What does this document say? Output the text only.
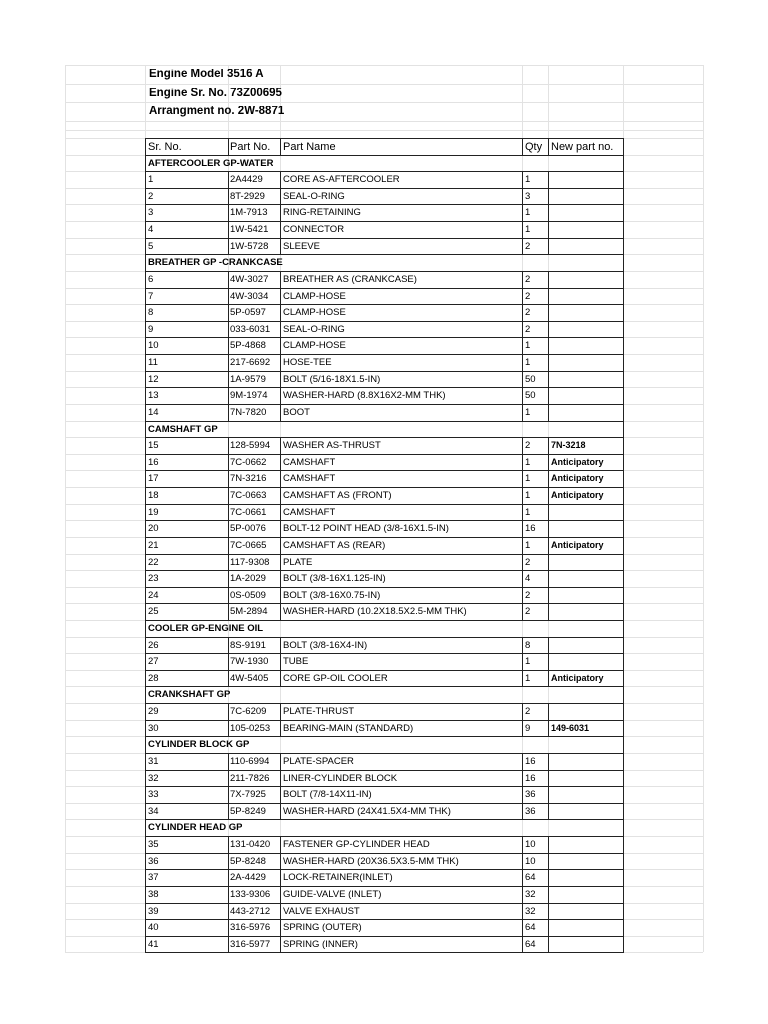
Engine Model 3516 A
Engine Sr. No. 73Z00695
Arrangment no. 2W-8871
Sr. No.	Part No. Part Name	Qty New part no.
AFTERCOOLER GP-WATER
1	2A4429 CORE AS-AFTERCOOLER	1
2	8T-2929 SEAL-O-RING	3
3	1M-7913 RING-RETAINING	1
4	1W-5421 CONNECTOR	1
5	1W-5728 SLEEVE	2
BREATHER GP -CRANKCASE
6	4W-3027 BREATHER AS (CRANKCASE)	2
7	4W-3034 CLAMP-HOSE	2
8	5P-0597 CLAMP-HOSE	2
9	033-6031 SEAL-O-RING	2
10	5P-4868 CLAMP-HOSE	1
11	217-6692 HOSE-TEE	1
12	1A-9579 BOLT (5/16-18X1.5-IN)	50
13	9M-1974 WASHER-HARD (8.8X16X2-MM THK)	50
14	7N-7820 BOOT	1
CAMSHAFT GP
15	128-5994 WASHER AS-THRUST	2 7N-3218
16	7C-0662 CAMSHAFT	1 Anticipatory
17	7N-3216 CAMSHAFT	1 Anticipatory
18	7C-0663 CAMSHAFT AS (FRONT)	1 Anticipatory
19	7C-0661 CAMSHAFT	1
20	5P-0076 BOLT-12 POINT HEAD (3/8-16X1.5-IN)	16
21	7C-0665 CAMSHAFT AS (REAR)	1 Anticipatory
22	117-9308 PLATE	2
23	1A-2029 BOLT (3/8-16X1.125-IN)	4
24	0S-0509 BOLT (3/8-16X0.75-IN)	2
25	5M-2894 WASHER-HARD (10.2X18.5X2.5-MM THK)	2
COOLER GP-ENGINE OIL
26	8S-9191 BOLT (3/8-16X4-IN)	8
27	7W-1930 TUBE	1
28	4W-5405 CORE GP-OIL COOLER	1 Anticipatory
CRANKSHAFT GP
29	7C-6209 PLATE-THRUST	2
30	105-0253 BEARING-MAIN (STANDARD)	9 149-6031
CYLINDER BLOCK GP
31	110-6994 PLATE-SPACER	16
32	211-7826 LINER-CYLINDER BLOCK	16
33	7X-7925 BOLT (7/8-14X11-IN)	36
34	5P-8249 WASHER-HARD (24X41.5X4-MM THK)	36
CYLINDER HEAD GP
35	131-0420 FASTENER GP-CYLINDER HEAD	10
36	5P-8248 WASHER-HARD (20X36.5X3.5-MM THK)	10
37	2A-4429 LOCK-RETAINER(INLET)	64
38	133-9306 GUIDE-VALVE (INLET)	32
39	443-2712 VALVE EXHAUST	32
40	316-5976 SPRING (OUTER)	64
41	316-5977 SPRING (INNER)	64
